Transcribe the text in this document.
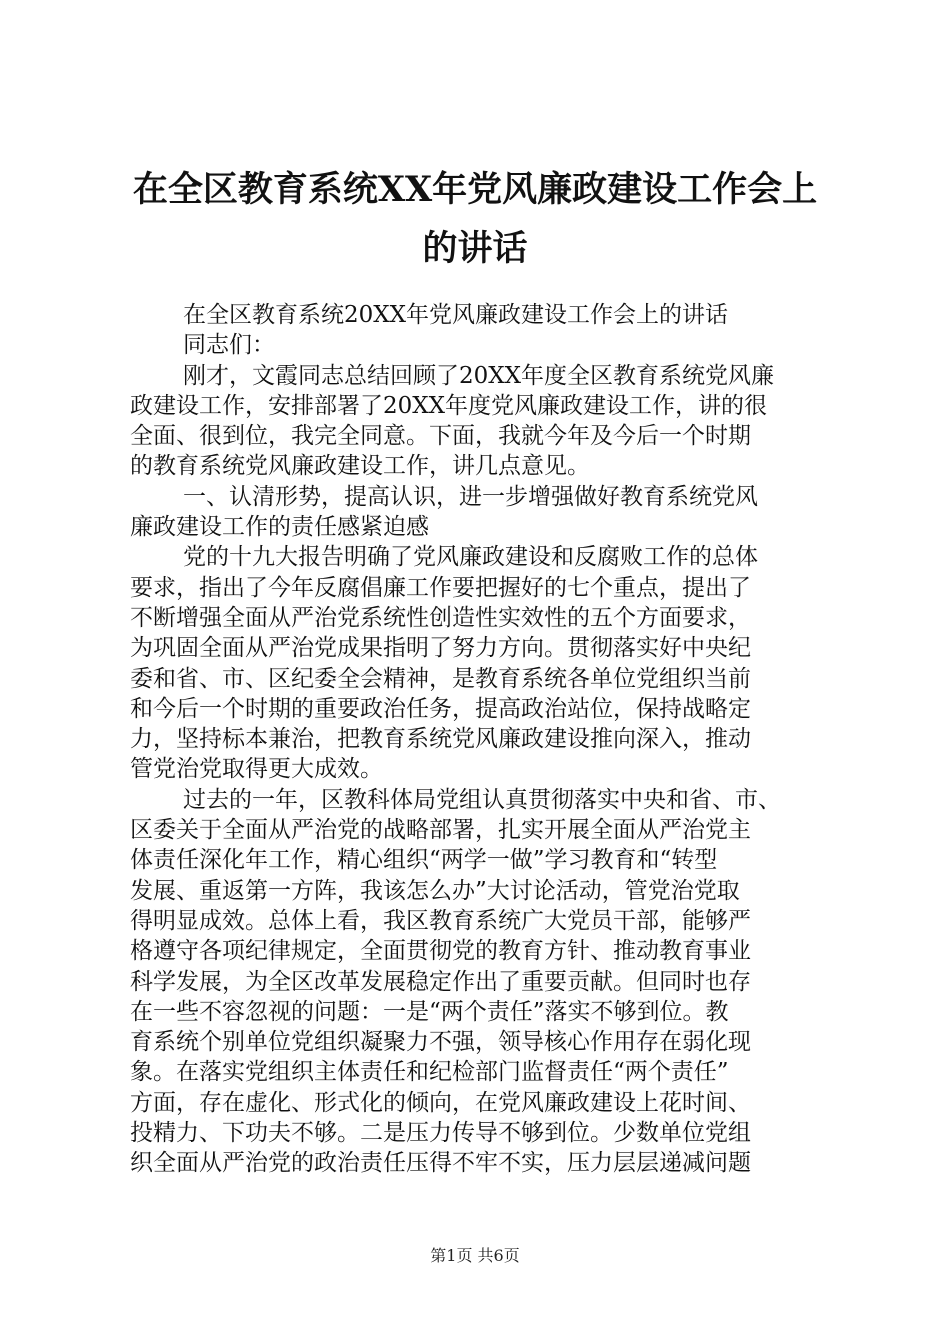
在全区教育系统XX年党风廉政建设工作会上
的讲话
在全区教育系统20XX年党风廉政建设工作会上的讲话
同志们：
刚才，文霞同志总结回顾了20XX年度全区教育系统党风廉
政建设工作，安排部署了20XX年度党风廉政建设工作，讲的很
全面、很到位，我完全同意。下面，我就今年及今后一个时期
的教育系统党风廉政建设工作，讲几点意见。
一、认清形势，提高认识，进一步增强做好教育系统党风
廉政建设工作的责任感紧迫感
党的十九大报告明确了党风廉政建设和反腐败工作的总体
要求，指出了今年反腐倡廉工作要把握好的七个重点，提出了
不断增强全面从严治党系统性创造性实效性的五个方面要求，
为巩固全面从严治党成果指明了努力方向。贯彻落实好中央纪
委和省、市、区纪委全会精神，是教育系统各单位党组织当前
和今后一个时期的重要政治任务，提高政治站位，保持战略定
力，坚持标本兼治，把教育系统党风廉政建设推向深入，推动
管党治党取得更大成效。
过去的一年，区教科体局党组认真贯彻落实中央和省、市、
区委关于全面从严治党的战略部署，扎实开展全面从严治党主
体责任深化年工作，精心组织“两学一做”学习教育和“转型
发展、重返第一方阵，我该怎么办”大讨论活动，管党治党取
得明显成效。总体上看，我区教育系统广大党员干部，能够严
格遵守各项纪律规定，全面贯彻党的教育方针、推动教育事业
科学发展，为全区改革发展稳定作出了重要贡献。但同时也存
在一些不容忽视的问题：一是“两个责任”落实不够到位。教
育系统个别单位党组织凝聚力不强，领导核心作用存在弱化现
象。在落实党组织主体责任和纪检部门监督责任“两个责任”
方面，存在虚化、形式化的倾向，在党风廉政建设上花时间、
投精力、下功夫不够。二是压力传导不够到位。少数单位党组
织全面从严治党的政治责任压得不牢不实，压力层层递减问题
第1页 共6页
